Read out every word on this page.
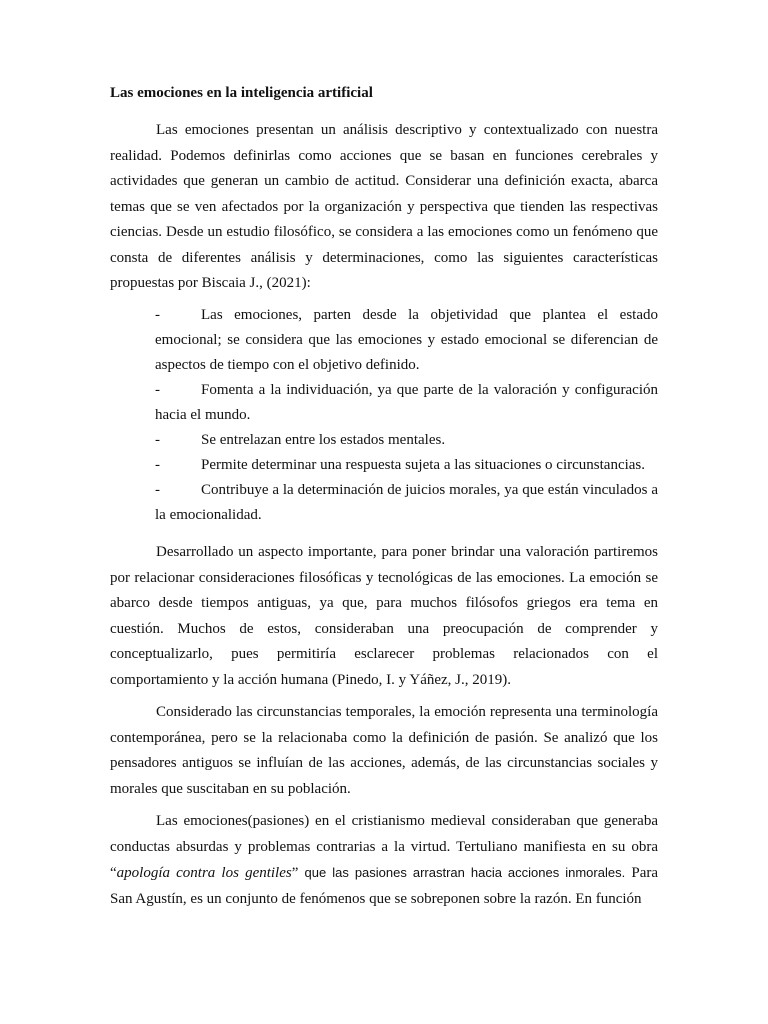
Las emociones en la inteligencia artificial

Las emociones presentan un análisis descriptivo y contextualizado con nuestra realidad. Podemos definirlas como acciones que se basan en funciones cerebrales y actividades que generan un cambio de actitud. Considerar una definición exacta, abarca temas que se ven afectados por la organización y perspectiva que tienden las respectivas ciencias. Desde un estudio filosófico, se considera a las emociones como un fenómeno que consta de diferentes análisis y determinaciones, como las siguientes características propuestas por Biscaia J., (2021):

-	Las emociones, parten desde la objetividad que plantea el estado emocional; se considera que las emociones y estado emocional se diferencian de aspectos de tiempo con el objetivo definido.
-	Fomenta a la individuación, ya que parte de la valoración y configuración hacia el mundo.
-	Se entrelazan entre los estados mentales.
-	Permite determinar una respuesta sujeta a las situaciones o circunstancias.
-	Contribuye a la determinación de juicios morales, ya que están vinculados a la emocionalidad.

Desarrollado un aspecto importante, para poner brindar una valoración partiremos por relacionar consideraciones filosóficas y tecnológicas de las emociones. La emoción se abarco desde tiempos antiguas, ya que, para muchos filósofos griegos era tema en cuestión. Muchos de estos, consideraban una preocupación de comprender y conceptualizarlo, pues permitiría esclarecer problemas relacionados con el comportamiento y la acción humana (Pinedo, I. y Yáñez, J., 2019).

Considerado las circunstancias temporales, la emoción representa una terminología contemporánea, pero se la relacionaba como la definición de pasión. Se analizó que los pensadores antiguos se influían de las acciones, además, de las circunstancias sociales y morales que suscitaban en su población.

Las emociones(pasiones) en el cristianismo medieval consideraban que generaba conductas absurdas y problemas contrarias a la virtud. Tertuliano manifiesta en su obra “apología contra los gentiles” que las pasiones arrastran hacia acciones inmorales. Para San Agustín, es un conjunto de fenómenos que se sobreponen sobre la razón. En función
